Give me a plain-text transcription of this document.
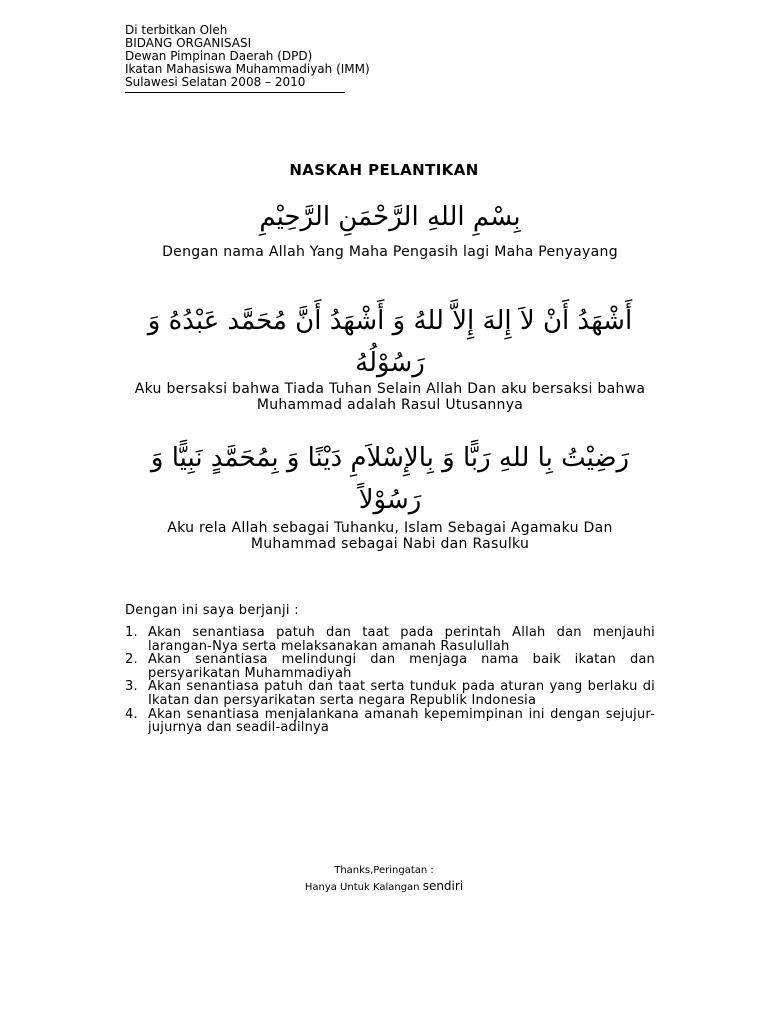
Di terbitkan Oleh
BIDANG ORGANISASI
Dewan Pimpinan Daerah (DPD)
Ikatan Mahasiswa Muhammadiyah (IMM)
Sulawesi Selatan 2008 – 2010
NASKAH PELANTIKAN
بِسْمِ اللهِ الرَّحْمَنِ الرَّحِيْمِ
Dengan nama Allah Yang Maha Pengasih lagi Maha Penyayang
أَشْهَدُ أَنْ لاَ إِلهَ إِلاَّ للهُ وَ أَشْهَدُ أَنَّ مُحَمَّد عَبْدُهُ وَ رَسُوْلُهُ
Aku bersaksi bahwa Tiada Tuhan Selain Allah Dan aku bersaksi bahwa Muhammad adalah Rasul Utusannya
رَضِيْتُ بِا للهِ رَبًّا وَ بِالإِسْلاَمِ دَيْنًا وَ بِمُحَمَّدٍ نَبِيًّا وَ رَسُوْلاً
Aku rela Allah sebagai Tuhanku, Islam Sebagai Agamaku Dan Muhammad sebagai Nabi dan Rasulku
Dengan ini saya berjanji :
1. Akan senantiasa patuh dan taat pada perintah Allah dan menjauhi larangan-Nya serta melaksanakan amanah Rasulullah
2. Akan senantiasa melindungi dan menjaga nama baik ikatan dan persyarikatan Muhammadiyah
3. Akan senantiasa patuh dan taat serta tunduk pada aturan yang berlaku di Ikatan dan persyarikatan serta negara Republik Indonesia
4. Akan senantiasa menjalankana amanah kepemimpinan ini dengan sejujur-jujurnya dan seadil-adilnya
Thanks,Peringatan :
Hanya Untuk Kalangan sendiri
